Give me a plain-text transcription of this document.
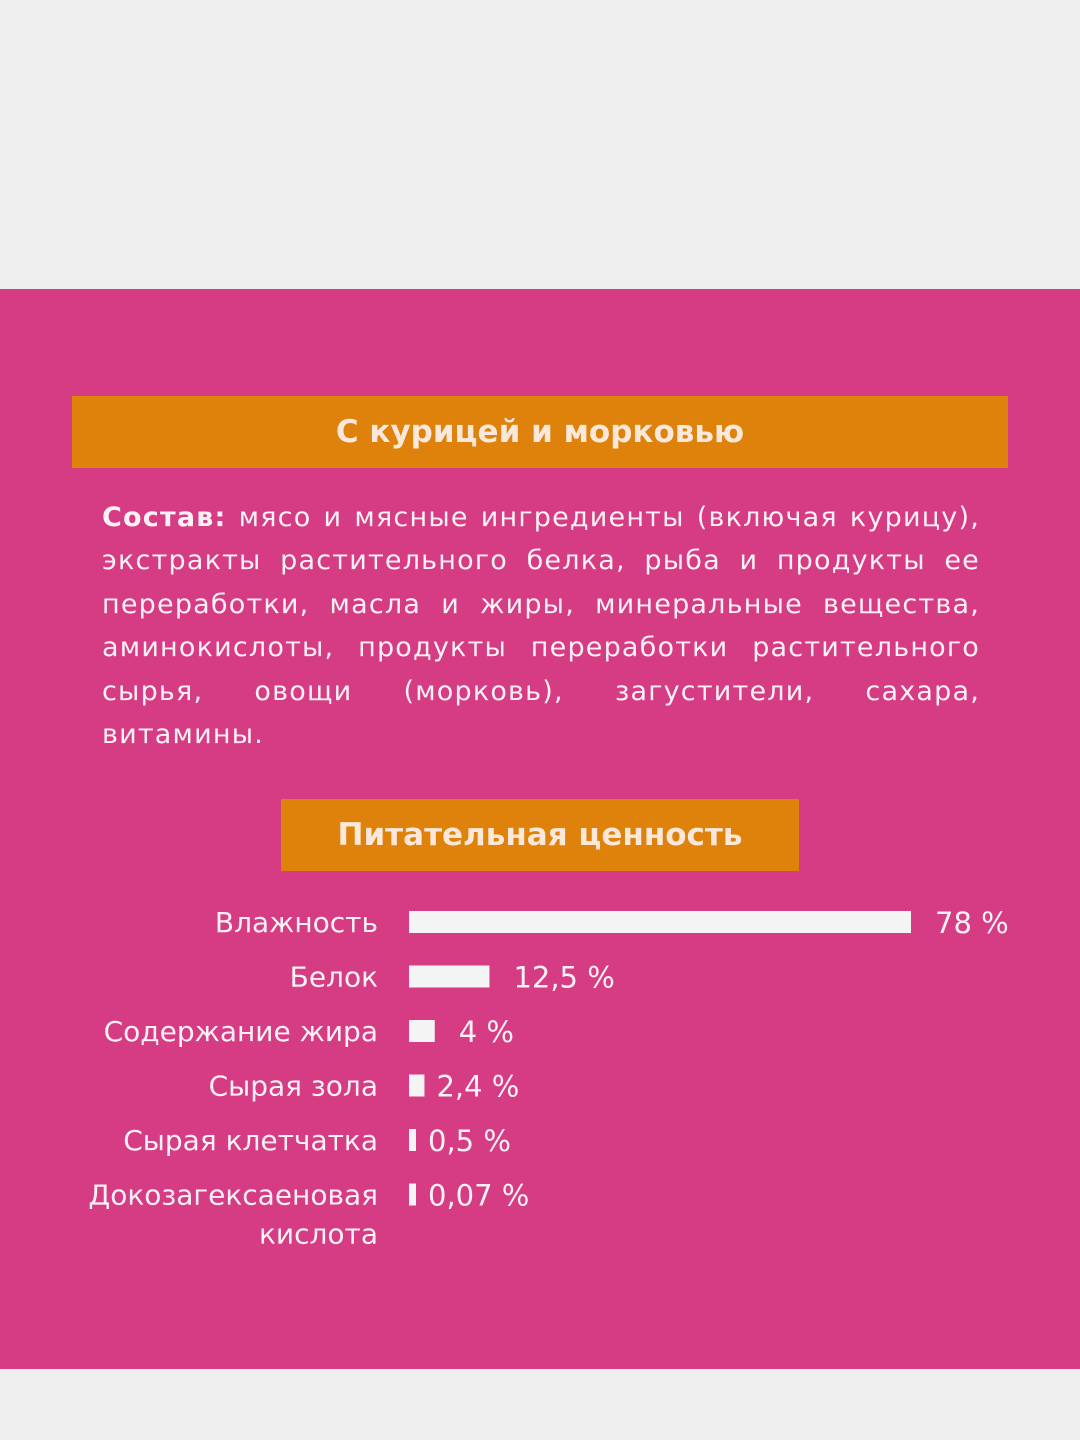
С курицей и морковью

Состав: мясо и мясные ингредиенты (включая курицу), экстракты растительного белка, рыба и продукты ее переработки, масла и жиры, минеральные вещества, аминокислоты, продукты переработки растительного сырья, овощи (морковь), загустители, сахара, витамины.

Питательная ценность
Влажность	78 %
Белок	12,5 %
Содержание жира	4 %
Сырая зола 2,4 %
Сырая клетчатка 0,5 %
Докозагексаеновая
кислота
0,07 %
